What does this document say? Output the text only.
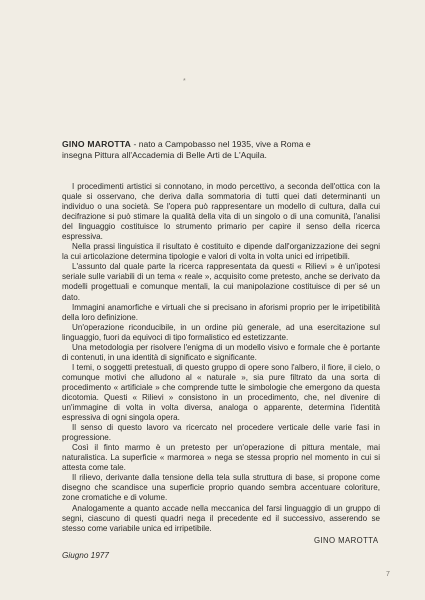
*

GINO MAROTTA - nato a Campobasso nel 1935, vive a Roma e insegna Pittura all'Accademia di Belle Arti de L'Aquila.

I procedimenti artistici si connotano, in modo percettivo, a seconda dell'ottica con la quale si osservano, che deriva dalla sommatoria di tutti quei dati determinanti un individuo o una società. Se l'opera può rappresentare un modello di cultura, dalla cui decifrazione si può stimare la qualità della vita di un singolo o di una comunità, l'analisi del linguaggio costituisce lo strumento primario per capire il senso della ricerca espressiva.

Nella prassi linguistica il risultato è costituito e dipende dall'organizzazione dei segni la cui articolazione determina tipologie e valori di volta in volta unici ed irripetibili.

L'assunto dal quale parte la ricerca rappresentata da questi « Rilievi » è un'ipotesi seriale sulle variabili di un tema « reale », acquisito come pretesto, anche se derivato da modelli progettuali e comunque mentali, la cui manipolazione costituisce di per sé un dato.

Immagini anamorfiche e virtuali che si precisano in aforismi proprio per le irripetibilità della loro definizione.

Un'operazione riconducibile, in un ordine più generale, ad una esercitazione sul linguaggio, fuori da equivoci di tipo formalistico ed estetizzante.

Una metodologia per risolvere l'enigma di un modello visivo e formale che è portante di contenuti, in una identità di significato e significante.

I temi, o soggetti pretestuali, di questo gruppo di opere sono l'albero, il fiore, il cielo, o comunque motivi che alludono al « naturale », sia pure filtrato da una sorta di procedimento « artificiale » che comprende tutte le simbologie che emergono da questa dicotomia. Questi « Rilievi » consistono in un procedimento, che, nel divenire di un'immagine di volta in volta diversa, analoga o apparente, determina l'identità espressiva di ogni singola opera.

Il senso di questo lavoro va ricercato nel procedere verticale delle varie fasi in progressione.

Così il finto marmo è un pretesto per un'operazione di pittura mentale, mai naturalistica. La superficie « marmorea » nega se stessa proprio nel momento in cui si attesta come tale.

Il rilievo, derivante dalla tensione della tela sulla struttura di base, si propone come disegno che scandisce una superficie proprio quando sembra accentuare coloriture, zone cromatiche e di volume.

Analogamente a quanto accade nella meccanica del farsi linguaggio di un gruppo di segni, ciascuno di questi quadri nega il precedente ed il successivo, asserendo se stesso come variabile unica ed irripetibile.

GINO MAROTTA

Giugno 1977

7
